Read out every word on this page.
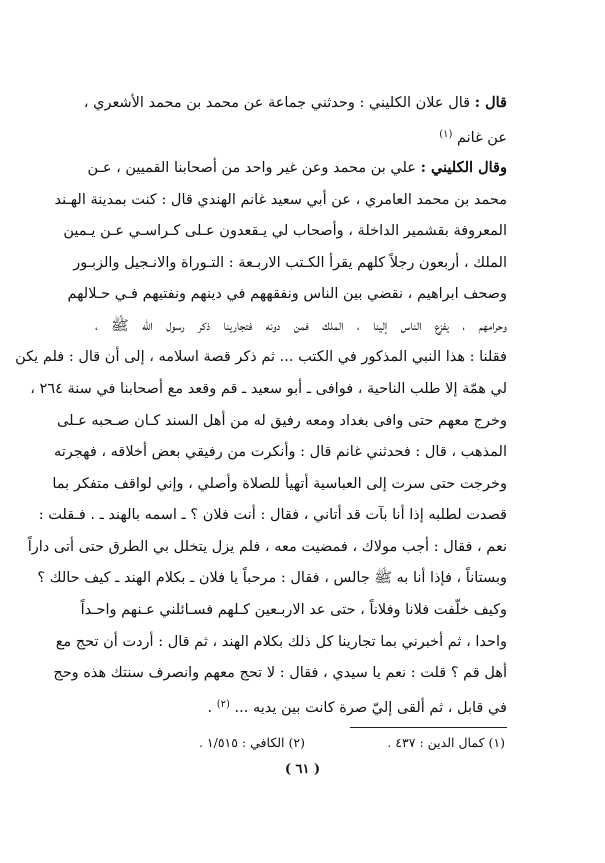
قال : قال علان الكليني : وحدثني جماعة عن محمد بن محمد الأشعري ،
عن غانم $^{(١)}$
وقال الكليني : علي بن محمد وعن غير واحد من أصحابنا القميين ، عـن
محمد بن محمد العامري ، عن أبي سعيد غانم الهندي قال : كنت بمدينة الهـند
المعروفة بقشمير الداخلة ، وأصحاب لي يـقعدون عـلى كـراسـي عـن يـمين
الملك ، أربعون رجلاً كلهم يقرأ الكـتب الاربـعة : التـوراة والانـجيل والزبـور
وصحف ابراهيم ، نقضي بين الناس ونفقههم في دينهم ونفتيهم فـي حـلالهم
وحرامهم ، يفزع الناس إلينا ، الملك فمن دونه فتجارينا ذكر رسول الله ﷺ ،
فقلنا : هذا النبي المذكور في الكتب ... ثم ذكر قصة اسلامه ، إلى أن قال : فلم يكن
لي همّة إلا طلب الناحية ، فوافى ـ أبو سعيد ـ قم وقعد مع أصحابنا في سنة ٢٦٤ ،
وخرج معهم حتى وافى بغداد ومعه رفيق له من أهل السند كـان صـحبه عـلى
المذهب ، قال : فحدثني غانم قال : وأنكرت من رفيقي بعض أخلاقه ، فهجرته
وخرجت حتى سرت إلى العباسية أتهيأ للصلاة وأصلي ، وإني لواقف متفكر بما
قصدت لطلبه إذا أنا بآت قد أتاني ، فقال : أنت فلان ؟ ـ اسمه بالهند ـ . فـقلت :
نعم ، فقال : أجب مولاك ، فمضيت معه ، فلم يزل يتخلل بي الطرق حتى أتى داراً
وبستاناً ، فإذا أنا به ﷺ جالس ، فقال : مرحباً يا فلان ـ بكلام الهند ـ كيف حالك ؟
وكيف خلّفت فلانا وفلاناً ، حتى عد الاربـعين كـلهم فسـائلني عـنهم واحـداً
واحدا ، ثم أخبرني بما تجارينا كل ذلك بكلام الهند ، ثم قال : أردت أن تحج مع
أهل قم ؟ قلت : نعم يا سيدي ، فقال : لا تحج معهم وانصرف سنتك هذه وحج
في قابل ، ثم ألقى إليّ صرة كانت بين يديه ... $^{(٢)}$ .
(١) كمال الدين : ٤٣٧ .
(٢) الكافي : ١/٥١٥ .
( ٦١ )
